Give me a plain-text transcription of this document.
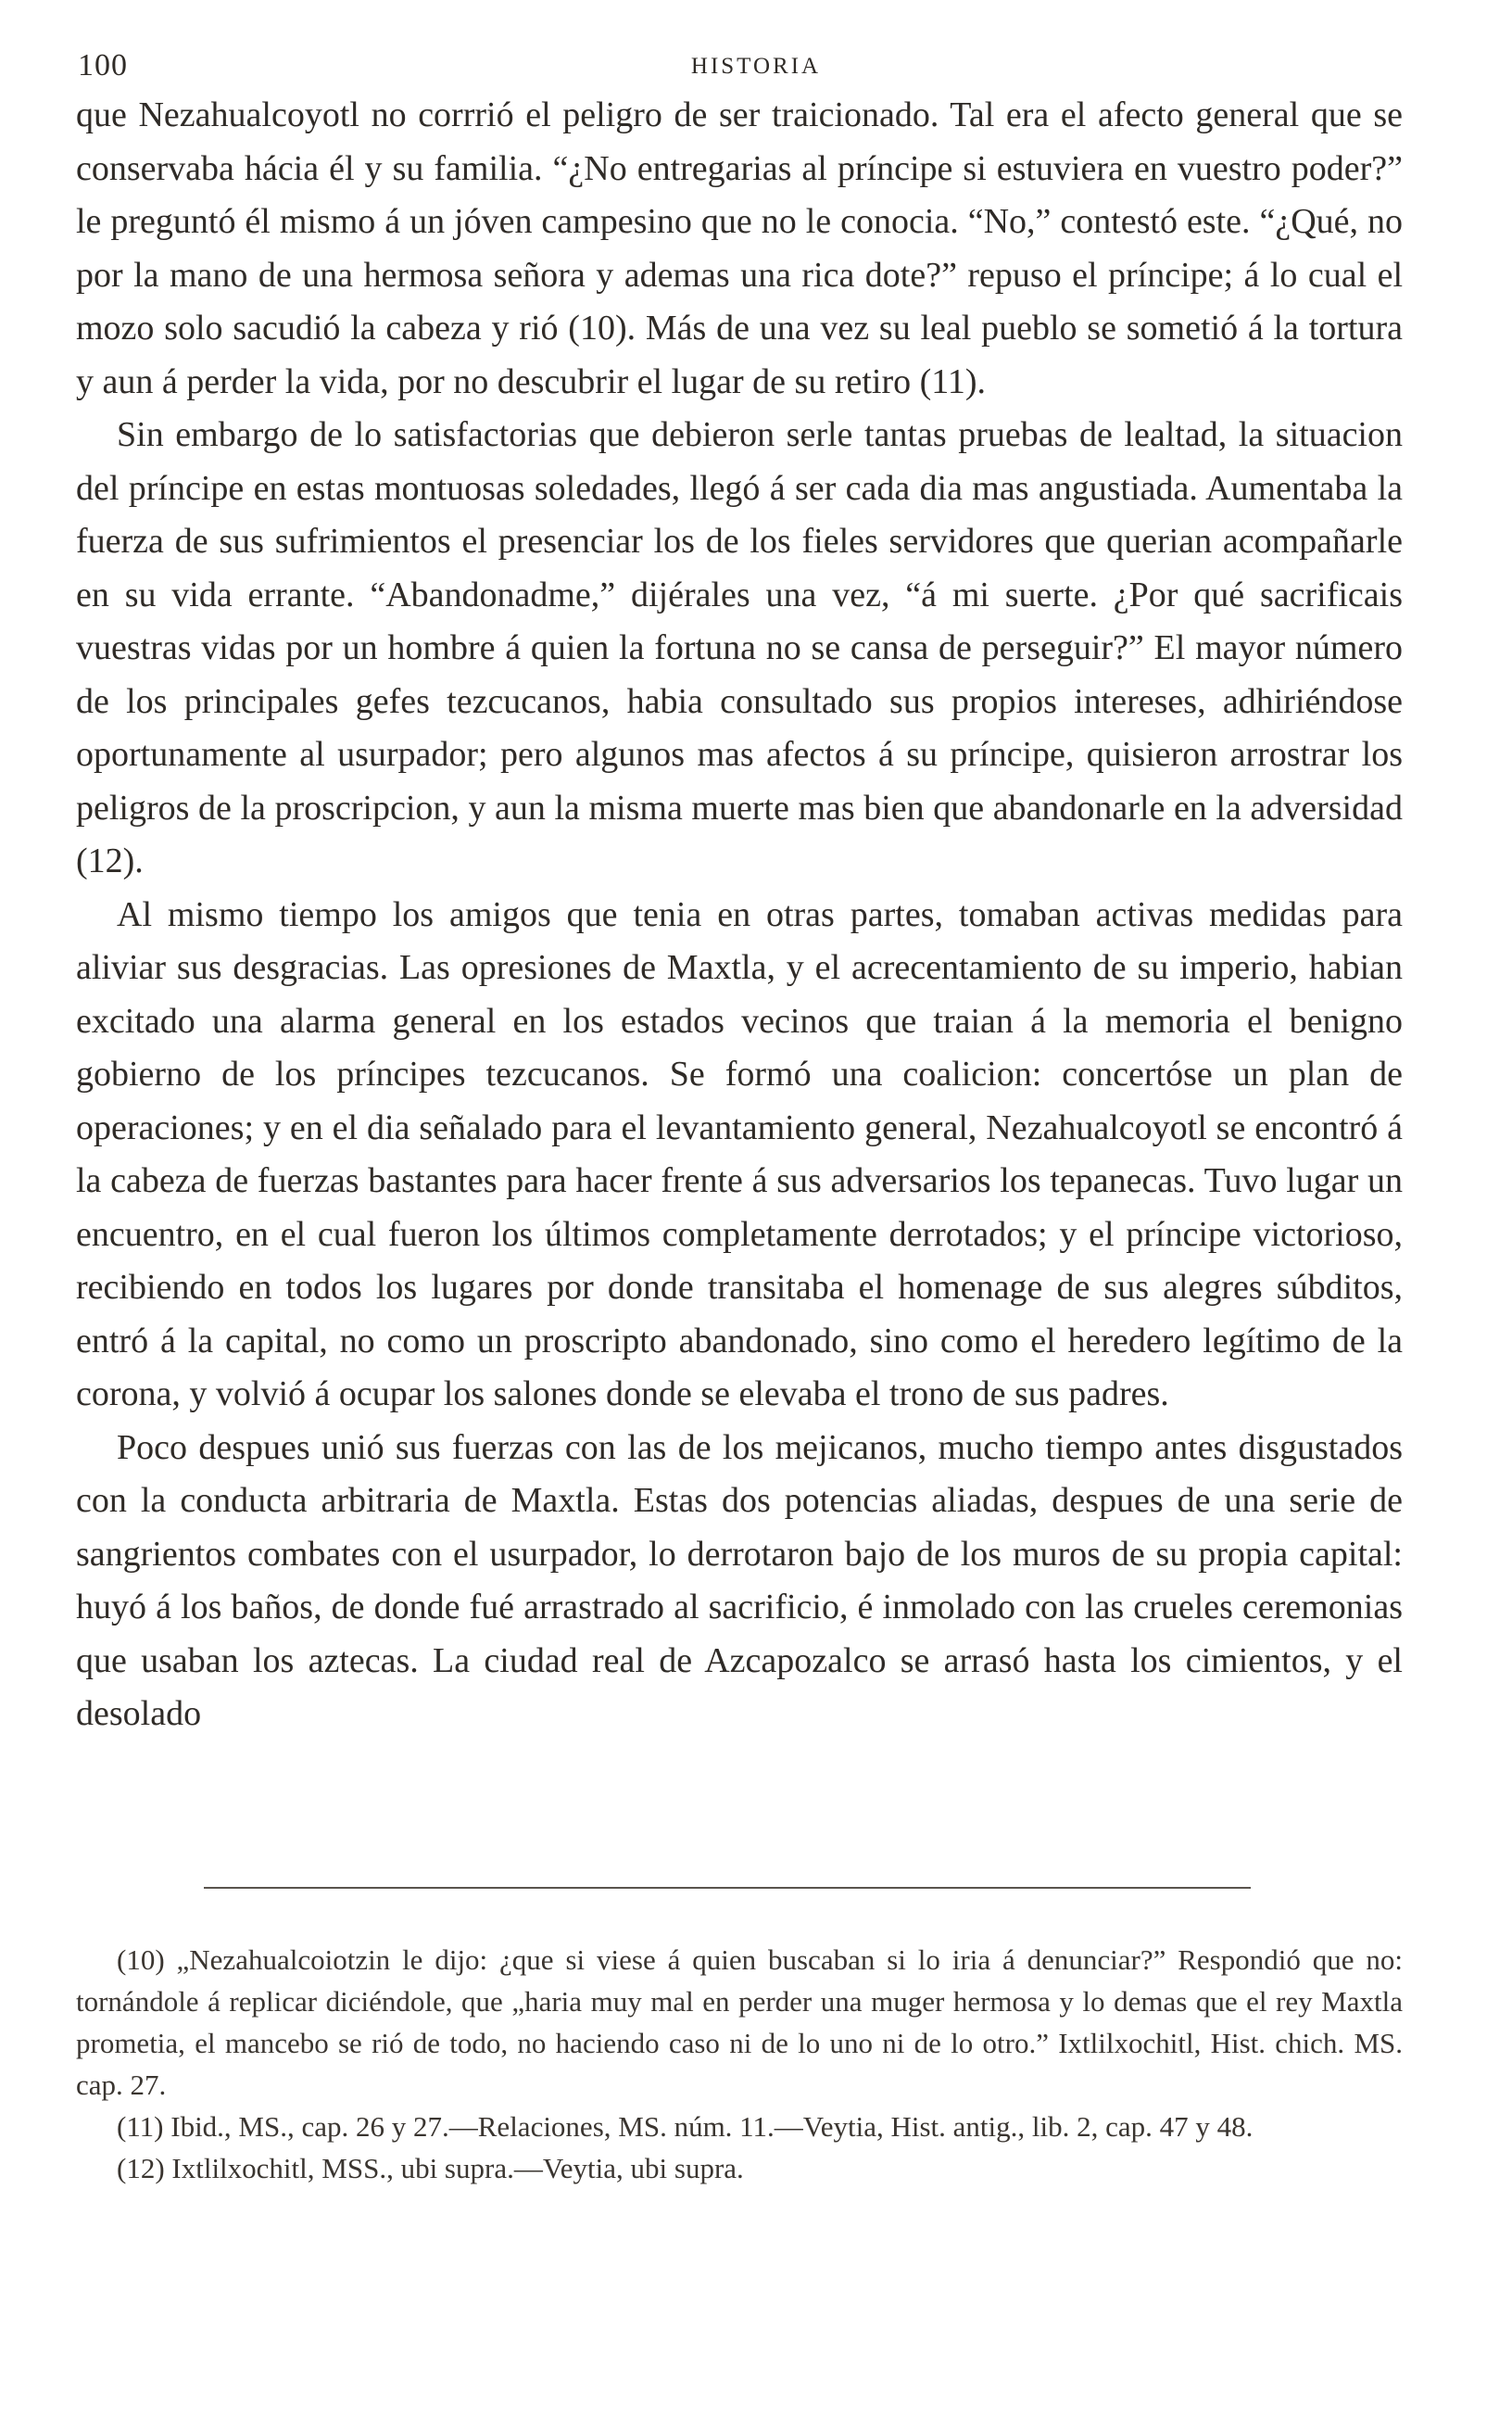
100	HISTORIA

que Nezahualcoyotl no corrrió el peligro de ser traicionado. Tal era el afecto general que se conservaba hácia él y su familia. “¿No entregarias al príncipe si estuviera en vuestro poder?” le preguntó él mismo á un jóven campesino que no le conocia. “No,” contestó este. “¿Qué, no por la mano de una hermosa señora y ademas una rica dote?” repuso el príncipe; á lo cual el mozo solo sacudió la cabeza y rió (10). Más de una vez su leal pueblo se sometió á la tortura y aun á perder la vida, por no descubrir el lugar de su retiro (11).

Sin embargo de lo satisfactorias que debieron serle tantas pruebas de lealtad, la situacion del príncipe en estas montuosas soledades, llegó á ser cada dia mas angustiada. Aumentaba la fuerza de sus sufrimientos el presenciar los de los fieles servidores que querian acompañarle en su vida errante. “Abandonadme,” dijérales una vez, “á mi suerte. ¿Por qué sacrificais vuestras vidas por un hombre á quien la fortuna no se cansa de perseguir?” El mayor número de los principales gefes tezcucanos, habia consultado sus propios intereses, adhiriéndose oportunamente al usurpador; pero algunos mas afectos á su príncipe, quisieron arrostrar los peligros de la proscripcion, y aun la misma muerte mas bien que abandonarle en la adversidad (12).

Al mismo tiempo los amigos que tenia en otras partes, tomaban activas medidas para aliviar sus desgracias. Las opresiones de Maxtla, y el acrecentamiento de su imperio, habian excitado una alarma general en los estados vecinos que traian á la memoria el benigno gobierno de los príncipes tezcucanos. Se formó una coalicion: concertóse un plan de operaciones; y en el dia señalado para el levantamiento general, Nezahualcoyotl se encontró á la cabeza de fuerzas bastantes para hacer frente á sus adversarios los tepanecas. Tuvo lugar un encuentro, en el cual fueron los últimos completamente derrotados; y el príncipe victorioso, recibiendo en todos los lugares por donde transitaba el homenage de sus alegres súbditos, entró á la capital, no como un proscripto abandonado, sino como el heredero legítimo de la corona, y volvió á ocupar los salones donde se elevaba el trono de sus padres.

Poco despues unió sus fuerzas con las de los mejicanos, mucho tiempo antes disgustados con la conducta arbitraria de Maxtla. Estas dos potencias aliadas, despues de una serie de sangrientos combates con el usurpador, lo derrotaron bajo de los muros de su propia capital: huyó á los baños, de donde fué arrastrado al sacrificio, é inmolado con las crueles ceremonias que usaban los aztecas. La ciudad real de Azcapozalco se arrasó hasta los cimientos, y el desolado

(10) „Nezahualcoiotzin le dijo: ¿que si viese á quien buscaban si lo iria á denunciar?” Respondió que no: tornándole á replicar diciéndole, que „haria muy mal en perder una muger hermosa y lo demas que el rey Maxtla prometia, el mancebo se rió de todo, no haciendo caso ni de lo uno ni de lo otro.” Ixtlilxochitl, Hist. chich. MS. cap. 27.

(11) Ibid., MS., cap. 26 y 27.—Relaciones, MS. núm. 11.—Veytia, Hist. antig., lib. 2, cap. 47 y 48.

(12) Ixtlilxochitl, MSS., ubi supra.—Veytia, ubi supra.
